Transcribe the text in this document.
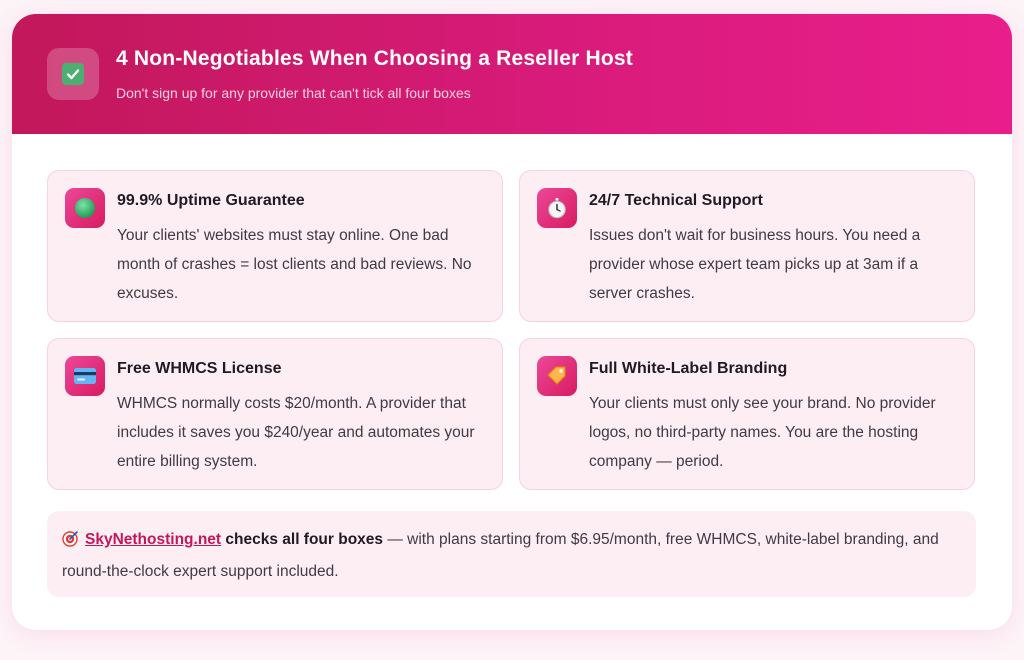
4 Non-Negotiables When Choosing a Reseller Host
Don't sign up for any provider that can't tick all four boxes
99.9% Uptime Guarantee
Your clients' websites must stay online. One bad month of crashes = lost clients and bad reviews. No excuses.
24/7 Technical Support
Issues don't wait for business hours. You need a provider whose expert team picks up at 3am if a server crashes.
Free WHMCS License
WHMCS normally costs $20/month. A provider that includes it saves you $240/year and automates your entire billing system.
Full White-Label Branding
Your clients must only see your brand. No provider logos, no third-party names. You are the hosting company — period.
SkyNethosting.net checks all four boxes — with plans starting from $6.95/month, free WHMCS, white-label branding, and round-the-clock expert support included.
